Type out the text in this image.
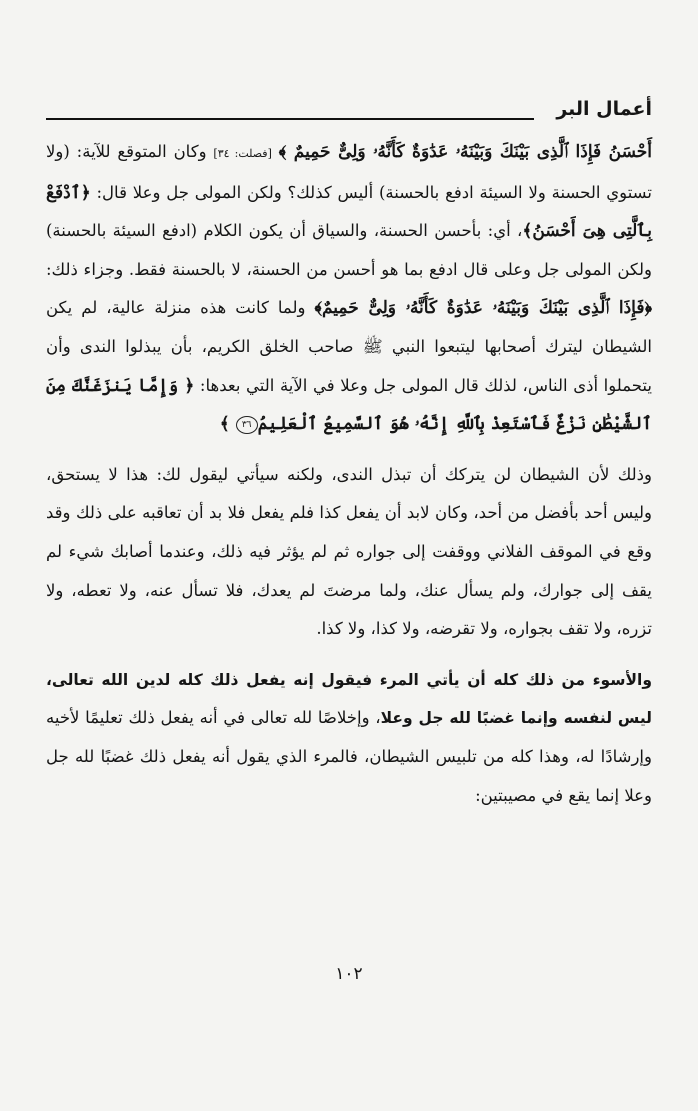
أعمال البر

أَحْسَنُ فَإِذَا ٱلَّذِى بَيْنَكَ وَبَيْنَهُۥ عَدَٰوَةٌ كَأَنَّهُۥ وَلِىٌّ حَمِيمٌ ﴾ [فصلت: ٣٤] وكان المتوقع للآية: (ولا تستوي الحسنة ولا السيئة ادفع بالحسنة) أليس كذلك؟ ولكن المولى جل وعلا قال: ﴿ٱدْفَعْ بِٱلَّتِى هِىَ أَحْسَنُ﴾، أي: بأحسن الحسنة، والسياق أن يكون الكلام (ادفع السيئة بالحسنة) ولكن المولى جل وعلى قال ادفع بما هو أحسن من الحسنة، لا بالحسنة فقط. وجزاء ذلك: ﴿فَإِذَا ٱلَّذِى بَيْنَكَ وَبَيْنَهُۥ عَدَٰوَةٌ كَأَنَّهُۥ وَلِىٌّ حَمِيمٌ﴾ ولما كانت هذه منزلة عالية، لم يكن الشيطان ليترك أصحابها ليتبعوا النبي ﷺ صاحب الخلق الكريم، بأن يبذلوا الندى وأن يتحملوا أذى الناس، لذلك قال المولى جل وعلا في الآية التي بعدها: ﴿ وَإِمَّا يَنزَغَنَّكَ مِنَ ٱلشَّيْطَٰنِ نَزْغٌ فَٱسْتَعِذْ بِٱللَّهِ إِنَّهُۥ هُوَ ٱلسَّمِيعُ ٱلْعَلِيمُ٣٦ ﴾

وذلك لأن الشيطان لن يتركك أن تبذل الندى، ولكنه سيأتي ليقول لك: هذا لا يستحق، وليس أحد بأفضل من أحد، وكان لابد أن يفعل كذا فلم يفعل فلا بد أن تعاقبه على ذلك وقد وقع في الموقف الفلاني ووقفت إلى جواره ثم لم يؤثر فيه ذلك، وعندما أصابك شيء لم يقف إلى جوارك، ولم يسأل عنك، ولما مرضتَ لم يعدك، فلا تسأل عنه، ولا تعطه، ولا تزره، ولا تقف بجواره، ولا تقرضه، ولا كذا، ولا كذا.

والأسوء من ذلك كله أن يأتي المرء فيقول إنه يفعل ذلك كله لدين الله تعالى، ليس لنفسه وإنما غضبًا لله جل وعلا، وإخلاصًا لله تعالى في أنه يفعل ذلك تعليمًا لأخيه وإرشادًا له، وهذا كله من تلبيس الشيطان، فالمرء الذي يقول أنه يفعل ذلك غضبًا لله جل وعلا إنما يقع في مصيبتين:

١٠٢
